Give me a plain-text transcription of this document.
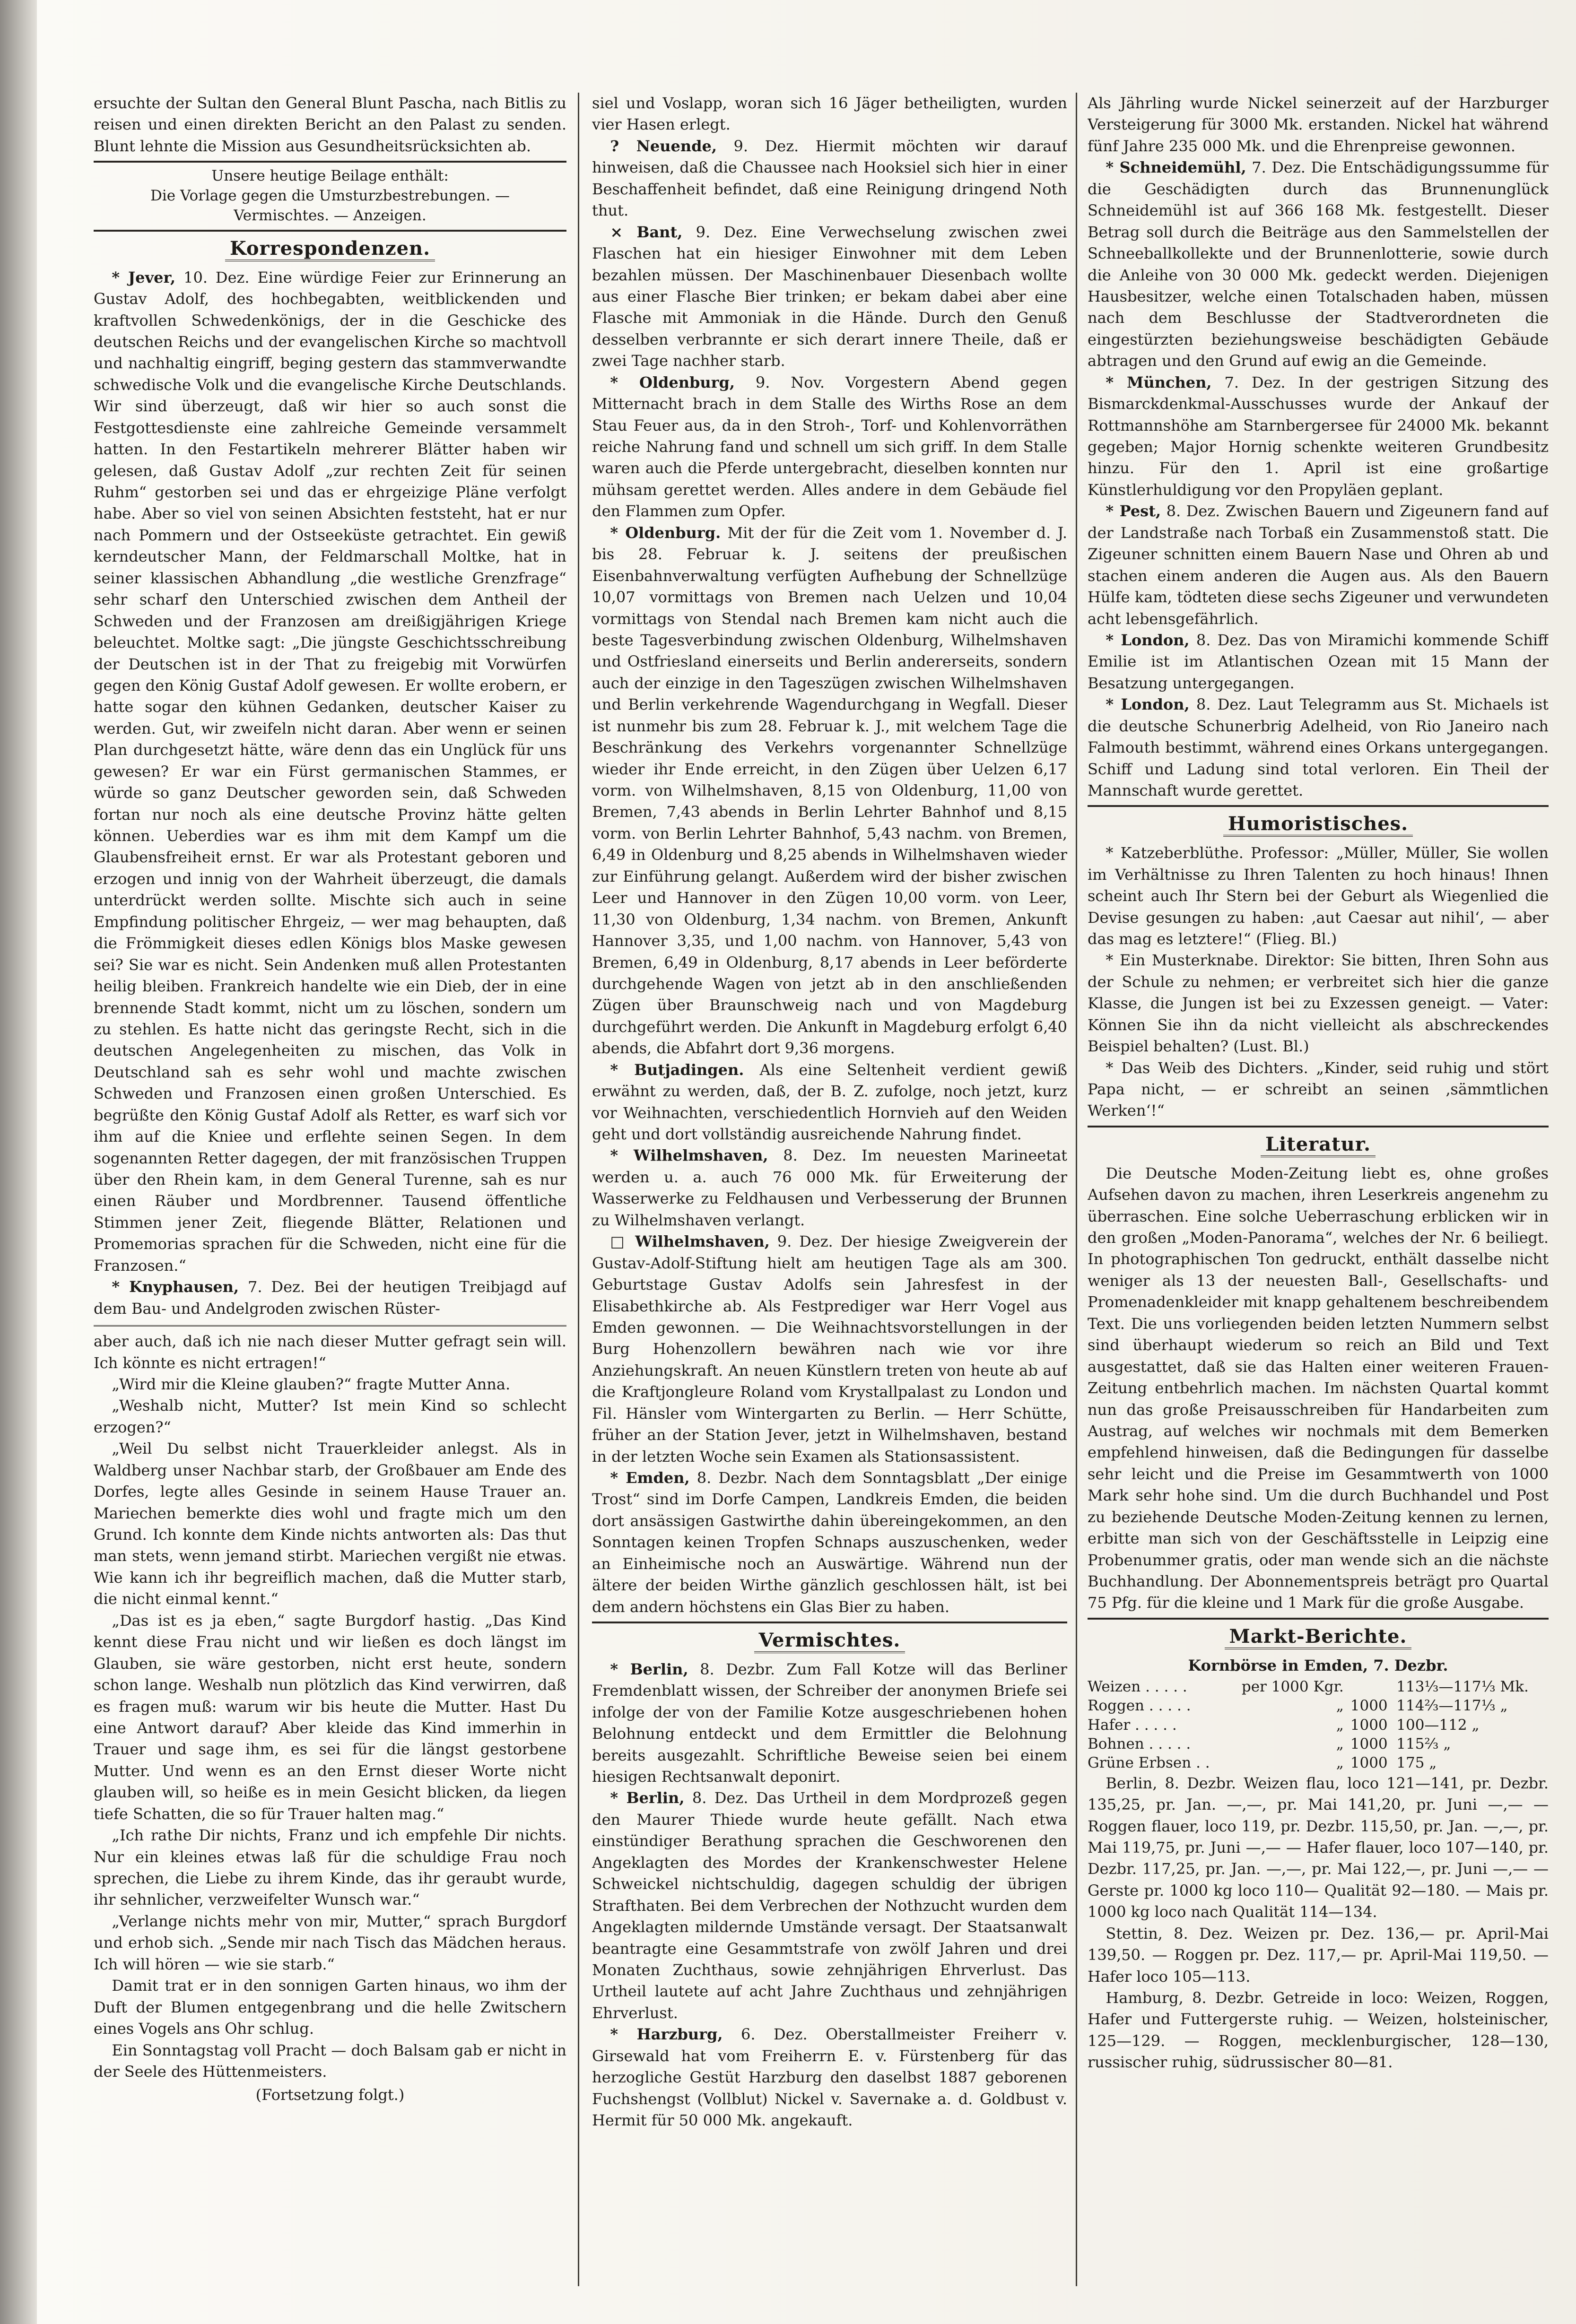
ersuchte der Sultan den General Blunt Pascha, nach Bitlis zu reisen und einen direkten Bericht an den Palast zu senden. Blunt lehnte die Mission aus Gesundheitsrücksichten ab.

Unsere heutige Beilage enthält:
Die Vorlage gegen die Umsturzbestrebungen. —
Vermischtes. — Anzeigen.
Korrespondenzen.

* Jever, 10. Dez. Eine würdige Feier zur Erinnerung an Gustav Adolf, des hochbegabten, weitblickenden und kraftvollen Schwedenkönigs, der in die Geschicke des deutschen Reichs und der evangelischen Kirche so machtvoll und nachhaltig eingriff, beging gestern das stammverwandte schwedische Volk und die evangelische Kirche Deutschlands. Wir sind überzeugt, daß wir hier so auch sonst die Festgottesdienste eine zahlreiche Gemeinde versammelt hatten. In den Festartikeln mehrerer Blätter haben wir gelesen, daß Gustav Adolf „zur rechten Zeit für seinen Ruhm“ gestorben sei und das er ehrgeizige Pläne verfolgt habe. Aber so viel von seinen Absichten feststeht, hat er nur nach Pommern und der Ostseeküste getrachtet. Ein gewiß kerndeutscher Mann, der Feldmarschall Moltke, hat in seiner klassischen Abhandlung „die westliche Grenzfrage“ sehr scharf den Unterschied zwischen dem Antheil der Schweden und der Franzosen am dreißigjährigen Kriege beleuchtet. Moltke sagt: „Die jüngste Geschichtsschreibung der Deutschen ist in der That zu freigebig mit Vorwürfen gegen den König Gustaf Adolf gewesen. Er wollte erobern, er hatte sogar den kühnen Gedanken, deutscher Kaiser zu werden. Gut, wir zweifeln nicht daran. Aber wenn er seinen Plan durchgesetzt hätte, wäre denn das ein Unglück für uns gewesen? Er war ein Fürst germanischen Stammes, er würde so ganz Deutscher geworden sein, daß Schweden fortan nur noch als eine deutsche Provinz hätte gelten können. Ueberdies war es ihm mit dem Kampf um die Glaubensfreiheit ernst. Er war als Protestant geboren und erzogen und innig von der Wahrheit überzeugt, die damals unterdrückt werden sollte. Mischte sich auch in seine Empfindung politischer Ehrgeiz, — wer mag behaupten, daß die Frömmigkeit dieses edlen Königs blos Maske gewesen sei? Sie war es nicht. Sein Andenken muß allen Protestanten heilig bleiben. Frankreich handelte wie ein Dieb, der in eine brennende Stadt kommt, nicht um zu löschen, sondern um zu stehlen. Es hatte nicht das geringste Recht, sich in die deutschen Angelegenheiten zu mischen, das Volk in Deutschland sah es sehr wohl und machte zwischen Schweden und Franzosen einen großen Unterschied. Es begrüßte den König Gustaf Adolf als Retter, es warf sich vor ihm auf die Kniee und erflehte seinen Segen. In dem sogenannten Retter dagegen, der mit französischen Truppen über den Rhein kam, in dem General Turenne, sah es nur einen Räuber und Mordbrenner. Tausend öffentliche Stimmen jener Zeit, fliegende Blätter, Relationen und Promemorias sprachen für die Schweden, nicht eine für die Franzosen.“

* Knyphausen, 7. Dez. Bei der heutigen Treibjagd auf dem Bau- und Andelgroden zwischen Rüster-

aber auch, daß ich nie nach dieser Mutter gefragt sein will. Ich könnte es nicht ertragen!“

„Wird mir die Kleine glauben?“ fragte Mutter Anna.

„Weshalb nicht, Mutter? Ist mein Kind so schlecht erzogen?“

„Weil Du selbst nicht Trauerkleider anlegst. Als in Waldberg unser Nachbar starb, der Großbauer am Ende des Dorfes, legte alles Gesinde in seinem Hause Trauer an. Mariechen bemerkte dies wohl und fragte mich um den Grund. Ich konnte dem Kinde nichts antworten als: Das thut man stets, wenn jemand stirbt. Mariechen vergißt nie etwas. Wie kann ich ihr begreiflich machen, daß die Mutter starb, die nicht einmal kennt.“

„Das ist es ja eben,“ sagte Burgdorf hastig. „Das Kind kennt diese Frau nicht und wir ließen es doch längst im Glauben, sie wäre gestorben, nicht erst heute, sondern schon lange. Weshalb nun plötzlich das Kind verwirren, daß es fragen muß: warum wir bis heute die Mutter. Hast Du eine Antwort darauf? Aber kleide das Kind immerhin in Trauer und sage ihm, es sei für die längst gestorbene Mutter. Und wenn es an den Ernst dieser Worte nicht glauben will, so heiße es in mein Gesicht blicken, da liegen tiefe Schatten, die so für Trauer halten mag.“

„Ich rathe Dir nichts, Franz und ich empfehle Dir nichts. Nur ein kleines etwas laß für die schuldige Frau noch sprechen, die Liebe zu ihrem Kinde, das ihr geraubt wurde, ihr sehnlicher, verzweifelter Wunsch war.“

„Verlange nichts mehr von mir, Mutter,“ sprach Burgdorf und erhob sich. „Sende mir nach Tisch das Mädchen heraus. Ich will hören — wie sie starb.“

Damit trat er in den sonnigen Garten hinaus, wo ihm der Duft der Blumen entgegenbrang und die helle Zwitschern eines Vogels ans Ohr schlug.

Ein Sonntagstag voll Pracht — doch Balsam gab er nicht in der Seele des Hüttenmeisters.

(Fortsetzung folgt.)

siel und Voslapp, woran sich 16 Jäger betheiligten, wurden vier Hasen erlegt.

? Neuende, 9. Dez. Hiermit möchten wir darauf hinweisen, daß die Chaussee nach Hooksiel sich hier in einer Beschaffenheit befindet, daß eine Reinigung dringend Noth thut.

⨯ Bant, 9. Dez. Eine Verwechselung zwischen zwei Flaschen hat ein hiesiger Einwohner mit dem Leben bezahlen müssen. Der Maschinenbauer Diesenbach wollte aus einer Flasche Bier trinken; er bekam dabei aber eine Flasche mit Ammoniak in die Hände. Durch den Genuß desselben verbrannte er sich derart innere Theile, daß er zwei Tage nachher starb.

* Oldenburg, 9. Nov. Vorgestern Abend gegen Mitternacht brach in dem Stalle des Wirths Rose an dem Stau Feuer aus, da in den Stroh-, Torf- und Kohlenvorräthen reiche Nahrung fand und schnell um sich griff. In dem Stalle waren auch die Pferde untergebracht, dieselben konnten nur mühsam gerettet werden. Alles andere in dem Gebäude fiel den Flammen zum Opfer.

* Oldenburg. Mit der für die Zeit vom 1. November d. J. bis 28. Februar k. J. seitens der preußischen Eisenbahnverwaltung verfügten Aufhebung der Schnellzüge 10,07 vormittags von Bremen nach Uelzen und 10,04 vormittags von Stendal nach Bremen kam nicht auch die beste Tagesverbindung zwischen Oldenburg, Wilhelmshaven und Ostfriesland einerseits und Berlin andererseits, sondern auch der einzige in den Tageszügen zwischen Wilhelmshaven und Berlin verkehrende Wagendurchgang in Wegfall. Dieser ist nunmehr bis zum 28. Februar k. J., mit welchem Tage die Beschränkung des Verkehrs vorgenannter Schnellzüge wieder ihr Ende erreicht, in den Zügen über Uelzen 6,17 vorm. von Wilhelmshaven, 8,15 von Oldenburg, 11,00 von Bremen, 7,43 abends in Berlin Lehrter Bahnhof und 8,15 vorm. von Berlin Lehrter Bahnhof, 5,43 nachm. von Bremen, 6,49 in Oldenburg und 8,25 abends in Wilhelmshaven wieder zur Einführung gelangt. Außerdem wird der bisher zwischen Leer und Hannover in den Zügen 10,00 vorm. von Leer, 11,30 von Oldenburg, 1,34 nachm. von Bremen, Ankunft Hannover 3,35, und 1,00 nachm. von Hannover, 5,43 von Bremen, 6,49 in Oldenburg, 8,17 abends in Leer beförderte durchgehende Wagen von jetzt ab in den anschließenden Zügen über Braunschweig nach und von Magdeburg durchgeführt werden. Die Ankunft in Magdeburg erfolgt 6,40 abends, die Abfahrt dort 9,36 morgens.

* Butjadingen. Als eine Seltenheit verdient gewiß erwähnt zu werden, daß, der B. Z. zufolge, noch jetzt, kurz vor Weihnachten, verschiedentlich Hornvieh auf den Weiden geht und dort vollständig ausreichende Nahrung findet.

* Wilhelmshaven, 8. Dez. Im neuesten Marineetat werden u. a. auch 76 000 Mk. für Erweiterung der Wasserwerke zu Feldhausen und Verbesserung der Brunnen zu Wilhelmshaven verlangt.

□ Wilhelmshaven, 9. Dez. Der hiesige Zweigverein der Gustav-Adolf-Stiftung hielt am heutigen Tage als am 300. Geburtstage Gustav Adolfs sein Jahresfest in der Elisabethkirche ab. Als Festprediger war Herr Vogel aus Emden gewonnen. — Die Weihnachtsvorstellungen in der Burg Hohenzollern bewähren nach wie vor ihre Anziehungskraft. An neuen Künstlern treten von heute ab auf die Kraftjongleure Roland vom Krystallpalast zu London und Fil. Hänsler vom Wintergarten zu Berlin. — Herr Schütte, früher an der Station Jever, jetzt in Wilhelmshaven, bestand in der letzten Woche sein Examen als Stationsassistent.

* Emden, 8. Dezbr. Nach dem Sonntagsblatt „Der einige Trost“ sind im Dorfe Campen, Landkreis Emden, die beiden dort ansässigen Gastwirthe dahin übereingekommen, an den Sonntagen keinen Tropfen Schnaps auszuschenken, weder an Einheimische noch an Auswärtige. Während nun der ältere der beiden Wirthe gänzlich geschlossen hält, ist bei dem andern höchstens ein Glas Bier zu haben.

Vermischtes.

* Berlin, 8. Dezbr. Zum Fall Kotze will das Berliner Fremdenblatt wissen, der Schreiber der anonymen Briefe sei infolge der von der Familie Kotze ausgeschriebenen hohen Belohnung entdeckt und dem Ermittler die Belohnung bereits ausgezahlt. Schriftliche Beweise seien bei einem hiesigen Rechtsanwalt deponirt.

* Berlin, 8. Dez. Das Urtheil in dem Mordprozeß gegen den Maurer Thiede wurde heute gefällt. Nach etwa einstündiger Berathung sprachen die Geschworenen den Angeklagten des Mordes der Krankenschwester Helene Schweickel nichtschuldig, dagegen schuldig der übrigen Strafthaten. Bei dem Verbrechen der Nothzucht wurden dem Angeklagten mildernde Umstände versagt. Der Staatsanwalt beantragte eine Gesammtstrafe von zwölf Jahren und drei Monaten Zuchthaus, sowie zehnjährigen Ehrverlust. Das Urtheil lautete auf acht Jahre Zuchthaus und zehnjährigen Ehrverlust.

* Harzburg, 6. Dez. Oberstallmeister Freiherr v. Girsewald hat vom Freiherrn E. v. Fürstenberg für das herzogliche Gestüt Harzburg den daselbst 1887 geborenen Fuchshengst (Vollblut) Nickel v. Savernake a. d. Goldbust v. Hermit für 50 000 Mk. angekauft.

Als Jährling wurde Nickel seinerzeit auf der Harzburger Versteigerung für 3000 Mk. erstanden. Nickel hat während fünf Jahre 235 000 Mk. und die Ehrenpreise gewonnen.

* Schneidemühl, 7. Dez. Die Entschädigungssumme für die Geschädigten durch das Brunnenunglück Schneidemühl ist auf 366 168 Mk. festgestellt. Dieser Betrag soll durch die Beiträge aus den Sammelstellen der Schneeballkollekte und der Brunnenlotterie, sowie durch die Anleihe von 30 000 Mk. gedeckt werden. Diejenigen Hausbesitzer, welche einen Totalschaden haben, müssen nach dem Beschlusse der Stadtverordneten die eingestürzten beziehungsweise beschädigten Gebäude abtragen und den Grund auf ewig an die Gemeinde.

* München, 7. Dez. In der gestrigen Sitzung des Bismarckdenkmal-Ausschusses wurde der Ankauf der Rottmannshöhe am Starnbergersee für 24000 Mk. bekannt gegeben; Major Hornig schenkte weiteren Grundbesitz hinzu. Für den 1. April ist eine großartige Künstlerhuldigung vor den Propyläen geplant.

* Pest, 8. Dez. Zwischen Bauern und Zigeunern fand auf der Landstraße nach Torbaß ein Zusammenstoß statt. Die Zigeuner schnitten einem Bauern Nase und Ohren ab und stachen einem anderen die Augen aus. Als den Bauern Hülfe kam, tödteten diese sechs Zigeuner und verwundeten acht lebensgefährlich.

* London, 8. Dez. Das von Miramichi kommende Schiff Emilie ist im Atlantischen Ozean mit 15 Mann der Besatzung untergegangen.

* London, 8. Dez. Laut Telegramm aus St. Michaels ist die deutsche Schunerbrig Adelheid, von Rio Janeiro nach Falmouth bestimmt, während eines Orkans untergegangen. Schiff und Ladung sind total verloren. Ein Theil der Mannschaft wurde gerettet.

Humoristisches.

* Katzeberblüthe. Professor: „Müller, Müller, Sie wollen im Verhältnisse zu Ihren Talenten zu hoch hinaus! Ihnen scheint auch Ihr Stern bei der Geburt als Wiegenlied die Devise gesungen zu haben: ‚aut Caesar aut nihil‘, — aber das mag es letztere!“ (Flieg. Bl.)

* Ein Musterknabe. Direktor: Sie bitten, Ihren Sohn aus der Schule zu nehmen; er verbreitet sich hier die ganze Klasse, die Jungen ist bei zu Exzessen geneigt. — Vater: Können Sie ihn da nicht vielleicht als abschreckendes Beispiel behalten? (Lust. Bl.)

* Das Weib des Dichters. „Kinder, seid ruhig und stört Papa nicht, — er schreibt an seinen ‚sämmtlichen Werken‘!“

Literatur.

Die Deutsche Moden-Zeitung liebt es, ohne großes Aufsehen davon zu machen, ihren Leserkreis angenehm zu überraschen. Eine solche Ueberraschung erblicken wir in den großen „Moden-Panorama“, welches der Nr. 6 beiliegt. In photographischen Ton gedruckt, enthält dasselbe nicht weniger als 13 der neuesten Ball-, Gesellschafts- und Promenadenkleider mit knapp gehaltenem beschreibendem Text. Die uns vorliegenden beiden letzten Nummern selbst sind überhaupt wiederum so reich an Bild und Text ausgestattet, daß sie das Halten einer weiteren Frauen-Zeitung entbehrlich machen. Im nächsten Quartal kommt nun das große Preisausschreiben für Handarbeiten zum Austrag, auf welches wir nochmals mit dem Bemerken empfehlend hinweisen, daß die Bedingungen für dasselbe sehr leicht und die Preise im Gesammtwerth von 1000 Mark sehr hohe sind. Um die durch Buchhandel und Post zu beziehende Deutsche Moden-Zeitung kennen zu lernen, erbitte man sich von der Geschäftsstelle in Leipzig eine Probenummer gratis, oder man wende sich an die nächste Buchhandlung. Der Abonnementspreis beträgt pro Quartal 75 Pfg. für die kleine und 1 Mark für die große Ausgabe.

Markt-Berichte.
Kornbörse in Emden, 7. Dezbr.
Weizen . . . . .	per 1000 Kgr.		113⅓—117⅓ Mk.
Roggen . . . . .	„	1000	114⅔—117⅓ „
Hafer . . . . .	„	1000	100—112 „
Bohnen . . . . .	„	1000	115⅔ „
Grüne Erbsen . .	„	1000	175 „

Berlin, 8. Dezbr. Weizen flau, loco 121—141, pr. Dezbr. 135,25, pr. Jan. —,—, pr. Mai 141,20, pr. Juni —,— — Roggen flauer, loco 119, pr. Dezbr. 115,50, pr. Jan. —,—, pr. Mai 119,75, pr. Juni —,— — Hafer flauer, loco 107—140, pr. Dezbr. 117,25, pr. Jan. —,—, pr. Mai 122,—, pr. Juni —,— — Gerste pr. 1000 kg loco 110— Qualität 92—180. — Mais pr. 1000 kg loco nach Qualität 114—134.

Stettin, 8. Dez. Weizen pr. Dez. 136,— pr. April-Mai 139,50. — Roggen pr. Dez. 117,— pr. April-Mai 119,50. — Hafer loco 105—113.

Hamburg, 8. Dezbr. Getreide in loco: Weizen, Roggen, Hafer und Futtergerste ruhig. — Weizen, holsteinischer, 125—129. — Roggen, mecklenburgischer, 128—130, russischer ruhig, südrussischer 80—81.
